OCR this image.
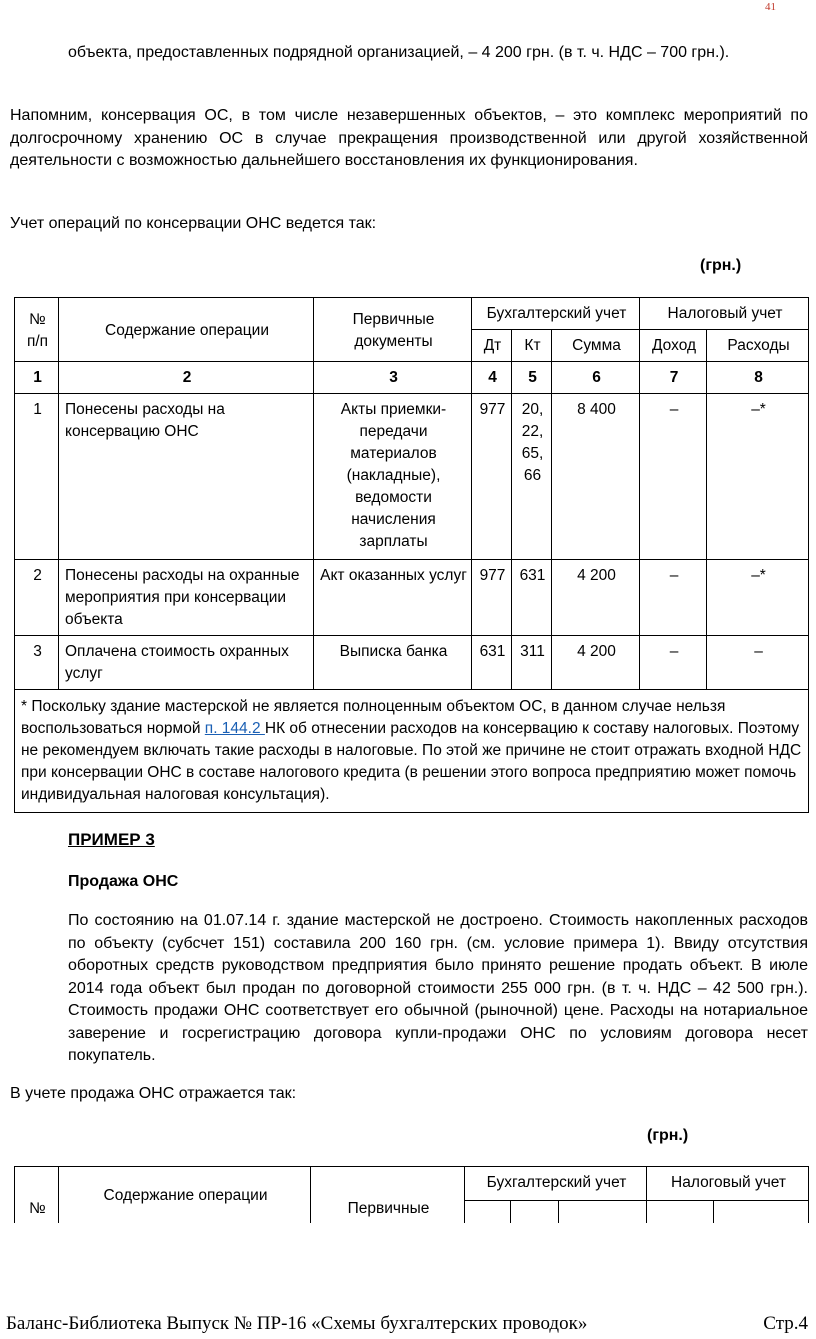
41

объекта, предоставленных подрядной организацией, – 4 200 грн. (в т. ч. НДС – 700 грн.).

Напомним, консервация ОС, в том числе незавершенных объектов, – это комплекс мероприятий по долгосрочному хранению ОС в случае прекращения производственной или другой хозяйственной деятельности с возможностью дальнейшего восстановления их функционирования.

Учет операций по консервации ОНС ведется так:

(грн.)

№ п/п	Содержание операции	Первичные документы	Бухгалтерский учет			Налоговый учет	
			Дт	Кт	Сумма	Доход	Расходы
1	2	3	4	5	6	7	8
1	Понесены расходы на консервацию ОНС	Акты приемки-передачи материалов (накладные), ведомости начисления зарплаты	977	20, 22, 65, 66	8 400	–	–*
2	Понесены расходы на охранные мероприятия при консервации объекта	Акт оказанных услуг	977	631	4 200	–	–*
3	Оплачена стоимость охранных услуг	Выписка банка	631	311	4 200	–	–
* Поскольку здание мастерской не является полноценным объектом ОС, в данном случае нельзя воспользоваться нормой п. 144.2 НК об отнесении расходов на консервацию к составу налоговых. Поэтому не рекомендуем включать такие расходы в налоговые. По этой же причине не стоит отражать входной НДС при консервации ОНС в составе налогового кредита (в решении этого вопроса предприятию может помочь индивидуальная налоговая консультация).							

ПРИМЕР 3

Продажа ОНС

По состоянию на 01.07.14 г. здание мастерской не достроено. Стоимость накопленных расходов по объекту (субсчет 151) составила 200 160 грн. (см. условие примера 1). Ввиду отсутствия оборотных средств руководством предприятия было принято решение продать объект. В июле 2014 года объект был продан по договорной стоимости 255 000 грн. (в т. ч. НДС – 42 500 грн.). Стоимость продажи ОНС соответствует его обычной (рыночной) цене. Расходы на нотариальное заверение и госрегистрацию договора купли-продажи ОНС по условиям договора несет покупатель.

В учете продажа ОНС отражается так:

(грн.)

№	Содержание операции	Первичные	Бухгалтерский учет			Налоговый учет	

Баланс-Библиотека Выпуск № ПР-16 «Схемы бухгалтерских проводок»	Стр.4
